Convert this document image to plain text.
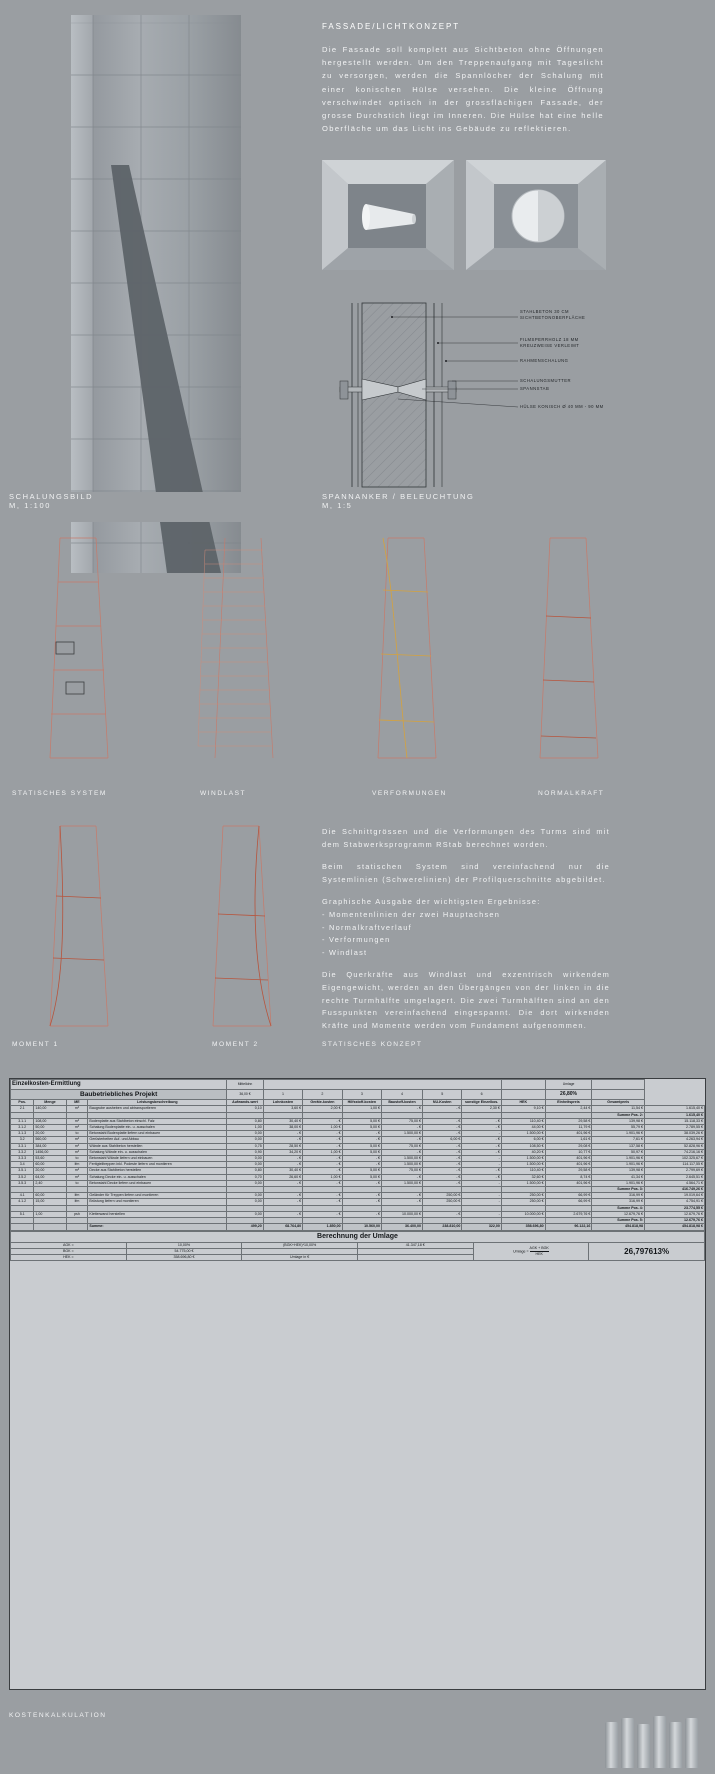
SCHALUNGSBILD
M, 1:100
FASSADE/LICHTKONZEPT
Die Fassade soll komplett aus Sichtbeton ohne Öffnungen hergestellt werden. Um den Treppenaufgang mit Tageslicht zu versorgen, werden die Spannlöcher der Schalung mit einer konischen Hülse versehen. Die kleine Öffnung verschwindet optisch in der grossflächigen Fassade, der grosse Durchstich liegt im Inneren. Die Hülse hat eine helle Oberfläche um das Licht ins Gebäude zu reflektieren.
STAHLBETON 30 CM
SICHTBETONOBERFLÄCHE
FILMSPERRHOLZ 18 MM
KREUZWEISE VERLEIMT
RAHMENSCHALUNG
SCHALUNGSMUTTER
SPANNSTAB
HÜLSE KONISCH Ø 40 MM - 90 MM
SPANNANKER / BELEUCHTUNG
M, 1:5
STATISCHES SYSTEM	WINDLAST	VERFORMUNGEN	NORMALKRAFT
MOMENT 1	MOMENT 2	STATISCHES KONZEPT

Die Schnittgrössen und die Verformungen des Turms sind mit dem Stabwerksprogramm RStab berechnet worden.

Beim statischen System sind vereinfachend nur die Systemlinien (Schwerelinien) der Profilquerschnitte abgebildet.

Graphische Ausgabe der wichtigsten Ergebnisse:

- Momentenlinien der zwei Hauptachsen

- Normalkraftverlauf

- Verformungen

- Windlast

Die Querkräfte aus Windlast und exzentrisch wirkendem Eigengewicht, werden an den Übergängen von der linken in die rechte Turmhälfte umgelagert. Die zwei Turmhälften sind an den Fusspunkten vereinfachend eingespannt. Die dort wirkenden Kräfte und Momente werden vom Fundament aufgenommen.

Einzelkosten-Ermittlung				Mittellohn								Umlage		
Baubetriebliches Projekt				36,00 €	1	2	3	4	5	6		26,80%		
Pos.	Menge	ME	Leistungsbeschreibung	Aufwands-wert	Lohnkosten	Geräte-kosten	Hilfsstoff-kosten	Baustoff-kosten	NU-Kosten	sonstige Einzelkos.	HEK	Einheitspreis	Gesamtpreis	
2.1	140,00	m²	Baugrube ausheben und abtransportieren	0,10	3,60 €	2,00 €	1,00 €	- €	- €	2,30 €	9,10 €	2,44 €	11,54 €	1.615,40 €
													Summe Pos. 2:	1.615,40 €
3.1.1	108,00	m²	Bodenplatte aus Stahlbeton einschl. Falz	0,80	30,40 €	- €	5,00 €	75,00 €	- €	- €	110,40 €	29,58 €	139,98 €	15.118,33 €
3.1.2	50,00	m²	Schalung Bodenplatte ein- u. ausschalen	1,00	38,00 €	1,00 €	5,00 €	- €	- €	- €	44,00 €	11,79 €	55,79 €	2.789,55 €
3.1.3	20,00	to	Betonstahl Bodenplatte liefern und einbauen	0,00	- €	- €	- €	1.500,00 €	- €	-	1.500,00 €	401,96 €	1.901,96 €	38.039,26 €
3.2	560,00	m²	Gerüsterbeiten Auf- und Abbau	0,00	- €	- €	- €	- €	6,00 €	- €	6,00 €	1,61 €	7,61 €	4.263,94 €
3.3.1	384,00	m²	Wände aus Stahlbeton herstellen	0,75	28,50 €	- €	5,00 €	75,00 €	- €	- €	108,50 €	29,08 €	137,58 €	52.828,96 €
3.3.2	1456,00	m²	Schalung Wände ein- u. ausschalen	0,90	34,20 €	1,00 €	5,00 €	- €	- €	- €	40,20 €	10,77 €	50,97 €	74.216,16 €
3.3.3	53,60	to	Betonstahl Wände liefern und einbauen	0,00	- €	- €	- €	1.500,00 €	- €	-	1.500,00 €	401,96 €	1.901,96 €	102.325,67 €
3.4	60,00	lfm	Fertigteiltreppen inkl. Podeste liefern und montieren	0,00	- €	- €	- €	1.500,00 €	- €	-	1.500,00 €	401,96 €	1.901,96 €	114.117,55 €
3.5.1	20,00	m²	Decke aus Stahlbeton herstellen	0,80	30,40 €	- €	5,00 €	75,00 €	- €	- €	110,40 €	29,58 €	139,98 €	2.799,69 €
3.5.2	64,00	m²	Schalung Decke ein- u. ausschalen	0,70	26,60 €	1,00 €	5,00 €	- €	- €	- €	32,60 €	8,74 €	41,34 €	2.645,51 €
3.5.3	2,40	to	Betonstahl Decke liefern und einbauen	0,00	- €	- €	- €	1.500,00 €	- €	-	1.500,00 €	401,96 €	1.901,96 €	4.564,71 €
													Summe Pos. 3:	416.749,26 €
4.1	60,00	lfm	Geländer für Treppen liefern und montieren	0,00	- €	- €	- €	- €	250,00 €	-	250,00 €	66,99 €	316,99 €	19.019,64 €
4.1.2	15,00	lfm	Brüstung liefern und montieren	0,00	- €	- €	- €	- €	250,00 €	-	250,00 €	66,99 €	316,99 €	4.754,91 €
													Summe Pos. 4:	23.774,55 €
5.1	1,00	psh	Kletterwand herstellen	0,00	- €	- €	- €	10.000,00 €	- €	-	10.000,00 €	2.679,76 €	12.679,76 €	12.679,76 €
													Summe Pos. 5:	12.679,76 €
			Summe:	499,20	68.764,80	1.850,00	10.560,00	36.400,00	238.810,00	322,00	358.696,80	96.122,16	454.818,98	454.818,98 €
Berechnung der Umlage					
AGK =	10,00%	(BGK+HEK)*10,00%	41.347,18 €	Umlage =
AGK + BGK
HEK	26,797613%
BGK =	54.775,00 €				
HEK =	358.696,80 €	Umlage in €			
KOSTENKALKULATION
